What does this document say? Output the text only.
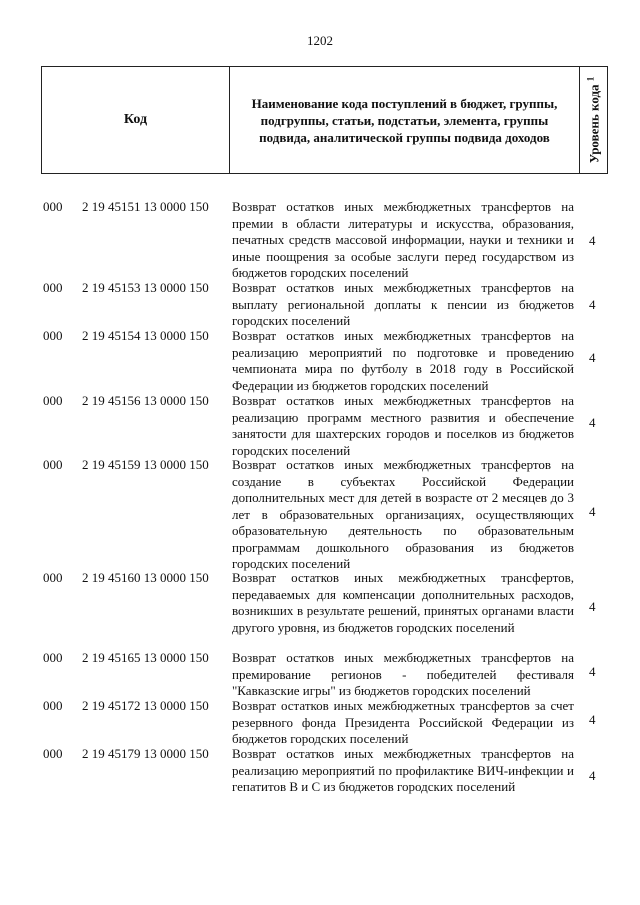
1202
Код
Наименование кода поступлений в бюджет, группы, подгруппы, статьи, подстатьи, элемента, группы подвида, аналитической группы подвида доходов	Уровень кода $^1$
000 2 19 45151 13 0000 150 Возврат остатков иных межбюджетных трансфертов на премии в области литературы и искусства, образования, печатных средств массовой информации, науки и техники и иные поощрения за особые заслуги перед государством из бюджетов городских поселений
4
000 2 19 45153 13 0000 150 Возврат остатков иных межбюджетных трансфертов на выплату региональной доплаты к пенсии из бюджетов городских поселений
4
000 2 19 45154 13 0000 150 Возврат остатков иных межбюджетных трансфертов на реализацию мероприятий по подготовке и проведению чемпионата мира по футболу в 2018 году в Российской Федерации из бюджетов городских поселений
4
000 2 19 45156 13 0000 150 Возврат остатков иных межбюджетных трансфертов на реализацию программ местного развития и обеспечение занятости для шахтерских городов и поселков из бюджетов городских поселений
4
000 2 19 45159 13 0000 150 Возврат остатков иных межбюджетных трансфертов на создание в субъектах Российской Федерации дополнительных мест для детей в возрасте от 2 месяцев до 3 лет в образовательных организациях, осуществляющих образовательную деятельность по образовательным программам дошкольного образования из бюджетов городских поселений
4
000 2 19 45160 13 0000 150 Возврат остатков иных межбюджетных трансфертов, передаваемых для компенсации дополнительных расходов, возникших в результате решений, принятых органами власти другого уровня, из бюджетов городских поселений
4
000 2 19 45165 13 0000 150 Возврат остатков иных межбюджетных трансфертов на премирование регионов - победителей фестиваля "Кавказские игры" из бюджетов городских поселений
4
000 2 19 45172 13 0000 150 Возврат остатков иных межбюджетных трансфертов за счет резервного фонда Президента Российской Федерации из бюджетов городских поселений
4
000 2 19 45179 13 0000 150 Возврат остатков иных межбюджетных трансфертов на реализацию мероприятий по профилактике ВИЧ-инфекции и гепатитов В и С из бюджетов городских поселений
4
